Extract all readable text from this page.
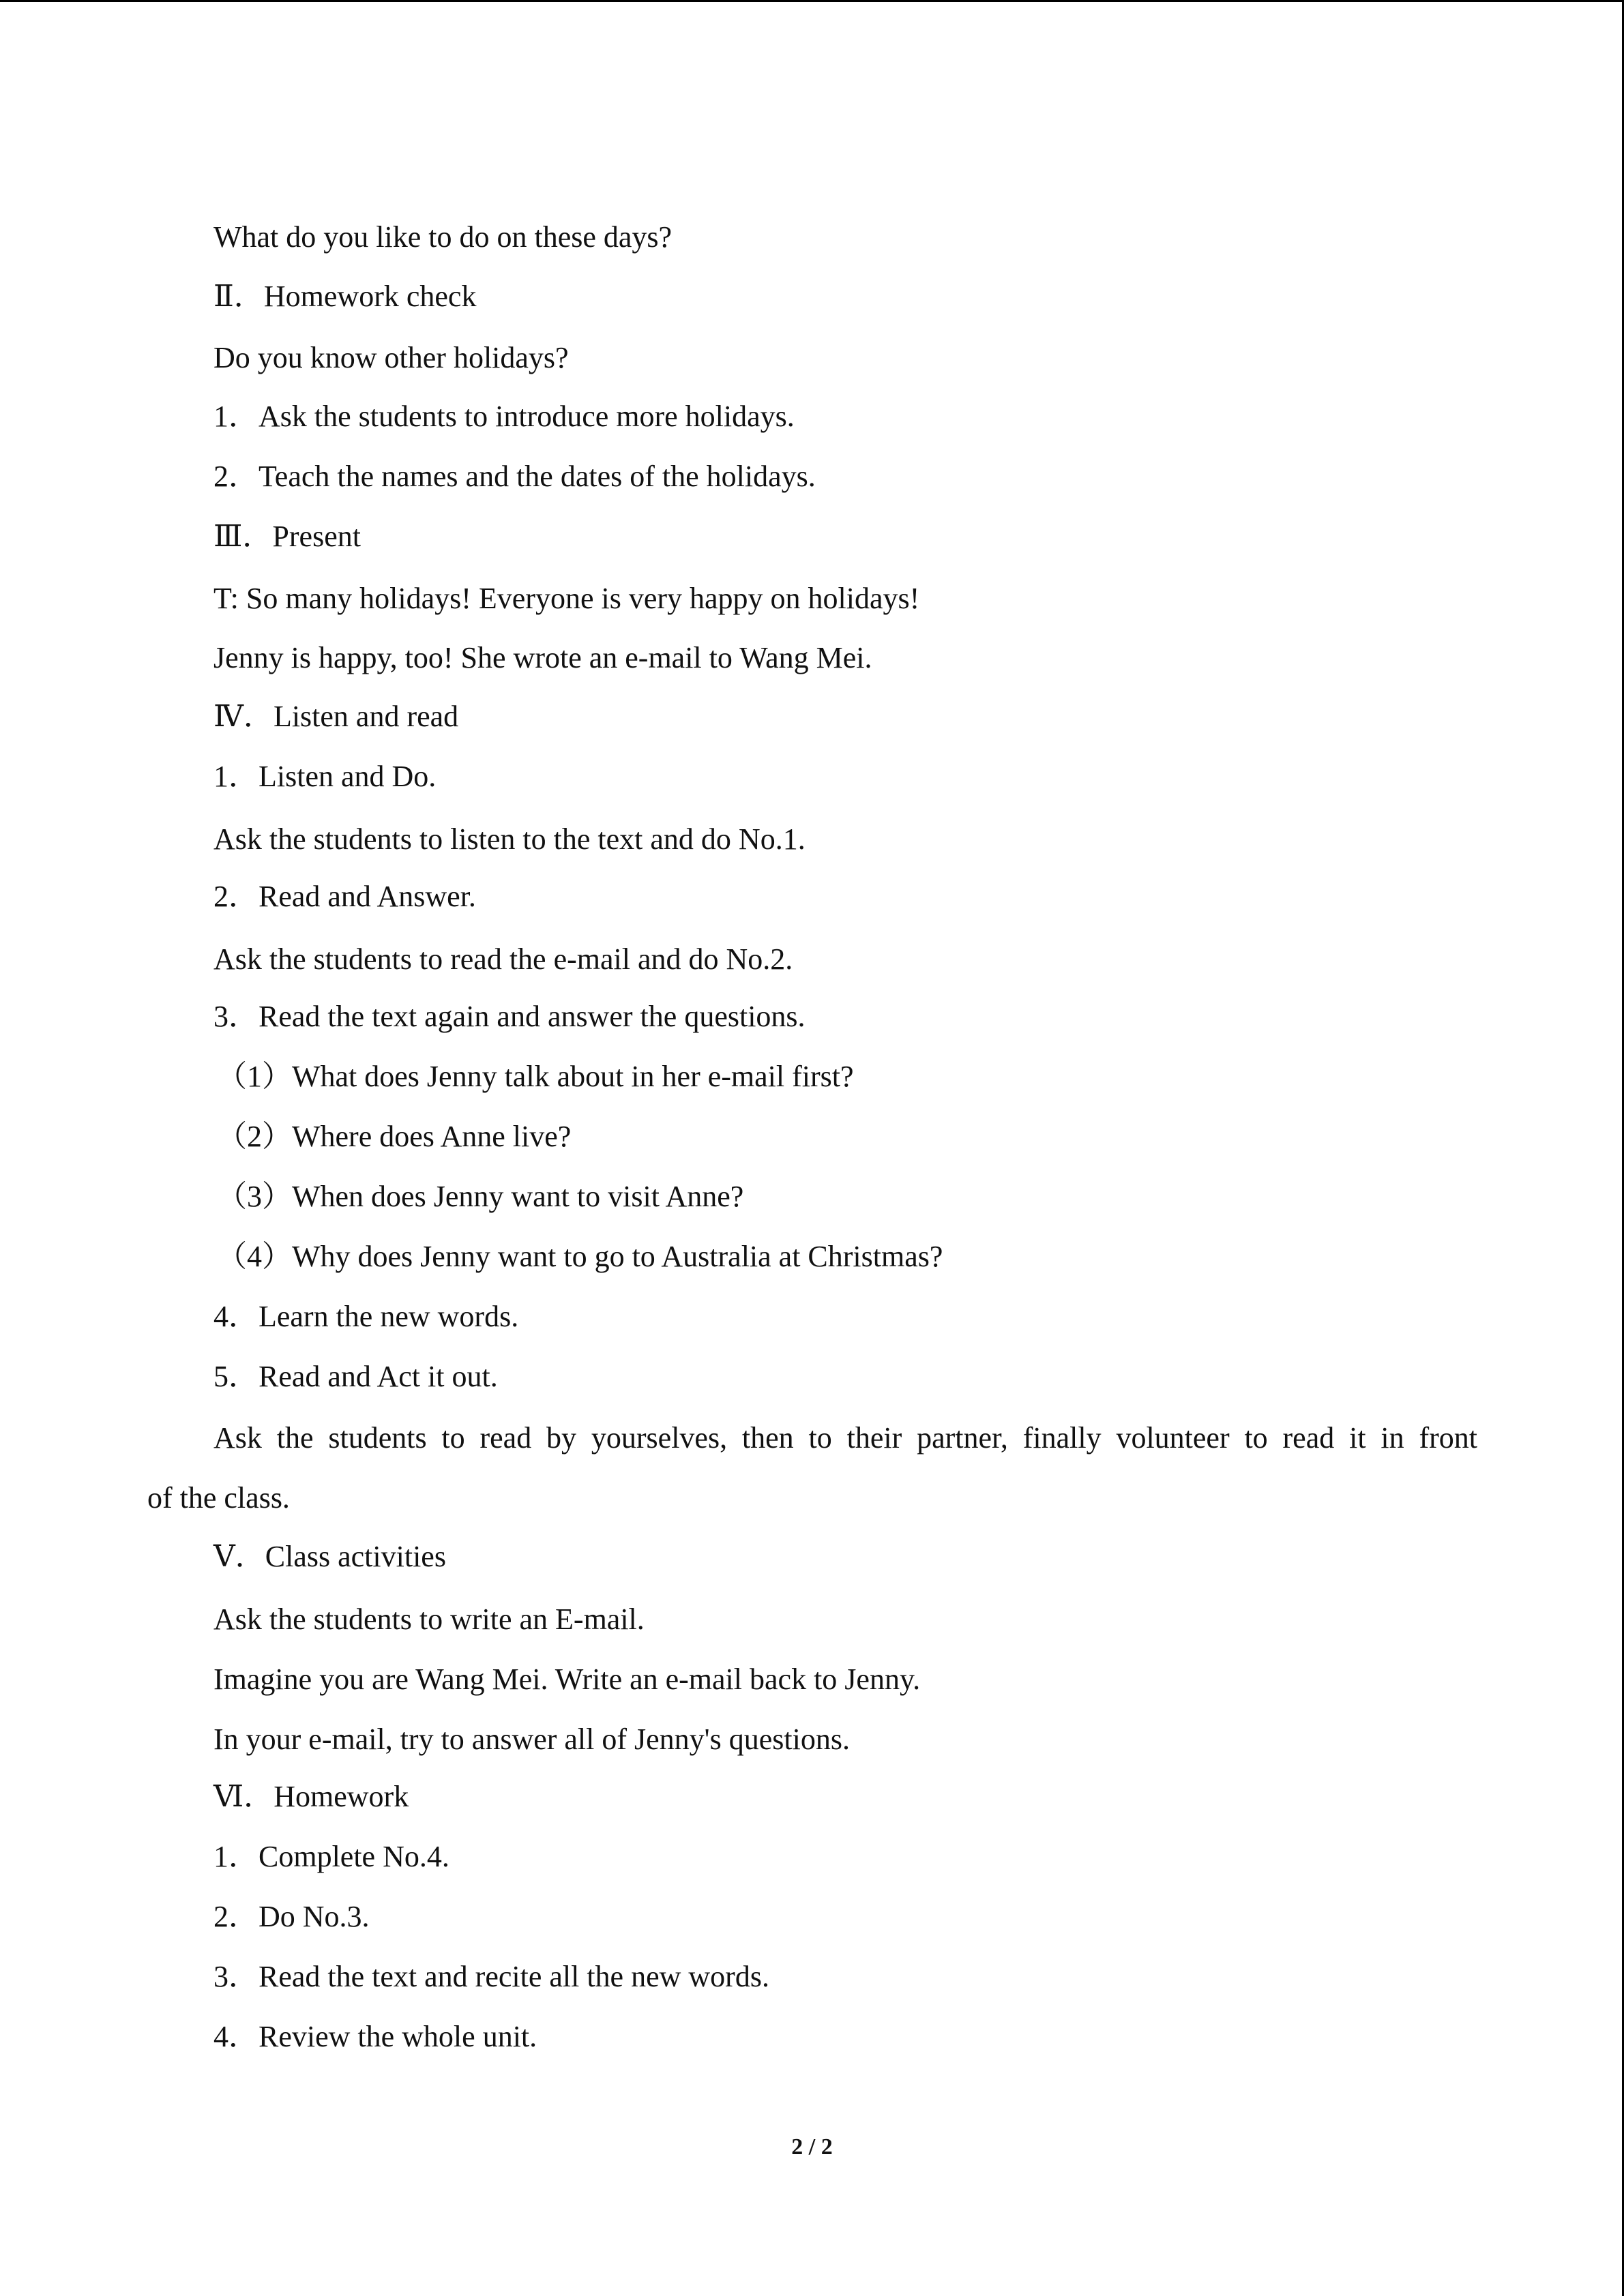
What do you like to do on these days?
Ⅱ．Homework check
Do you know other holidays?
1．Ask the students to introduce more holidays.
2．Teach the names and the dates of the holidays.
Ⅲ．Present
T: So many holidays! Everyone is very happy on holidays!
Jenny is happy, too! She wrote an e-mail to Wang Mei.
Ⅳ．Listen and read
1．Listen and Do.
Ask the students to listen to the text and do No.1.
2．Read and Answer.
Ask the students to read the e-mail and do No.2.
3．Read the text again and answer the questions.
（1）What does Jenny talk about in her e-mail first?
（2）Where does Anne live?
（3）When does Jenny want to visit Anne?
（4）Why does Jenny want to go to Australia at Christmas?
4．Learn the new words.
5．Read and Act it out.
Ask the students to read by yourselves, then to their partner, finally volunteer to read it in front
of the class.
Ⅴ．Class activities
Ask the students to write an E-mail.
Imagine you are Wang Mei. Write an e-mail back to Jenny.
In your e-mail, try to answer all of Jenny's questions.
Ⅵ．Homework
1．Complete No.4.
2．Do No.3.
3．Read the text and recite all the new words.
4．Review the whole unit.
2 / 2
